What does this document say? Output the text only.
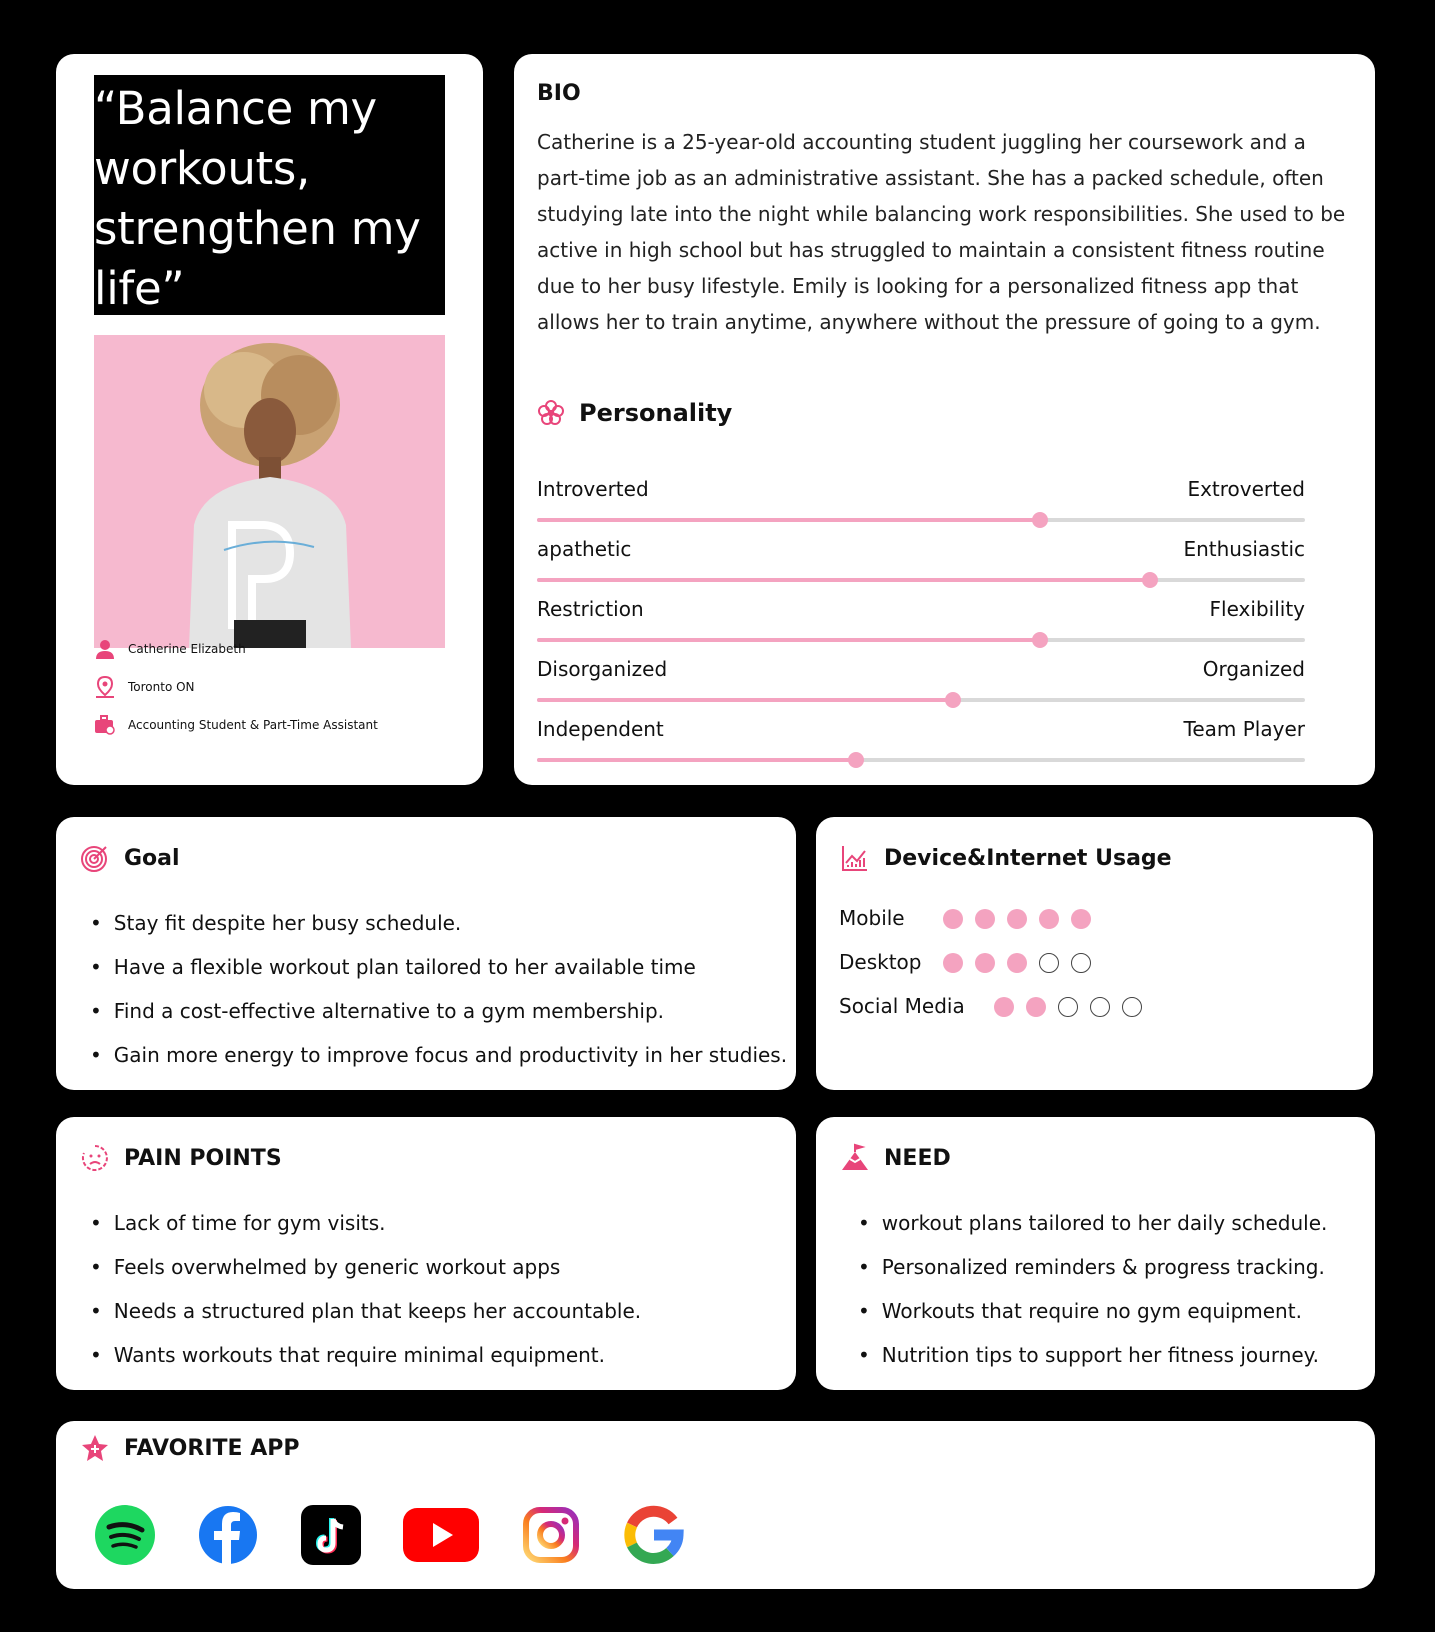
“Balance my workouts, strengthen my life”
Catherine Elizabeth
Toronto ON
Accounting Student & Part-Time Assistant
BIO
Catherine is a 25-year-old accounting student juggling her coursework and a part-time job as an administrative assistant. She has a packed schedule, often studying late into the night while balancing work responsibilities. She used to be active in high school but has struggled to maintain a consistent fitness routine due to her busy lifestyle. Emily is looking for a personalized fitness app that allows her to train anytime, anywhere without the pressure of going to a gym.
Personality
Introverted	Extroverted
apathetic	Enthusiastic
Restriction	Flexibility
Disorganized	Organized
Independent	Team Player
Goal
• Stay fit despite her busy schedule.
• Have a flexible workout plan tailored to her available time
• Find a cost-effective alternative to a gym membership.
• Gain more energy to improve focus and productivity in her studies.
Device&Internet Usage
Mobile
Desktop
Social Media
PAIN POINTS
• Lack of time for gym visits.
• Feels overwhelmed by generic workout apps
• Needs a structured plan that keeps her accountable.
• Wants workouts that require minimal equipment.
NEED
• workout plans tailored to her daily schedule.
• Personalized reminders & progress tracking.
• Workouts that require no gym equipment.
• Nutrition tips to support her fitness journey.
FAVORITE APP
